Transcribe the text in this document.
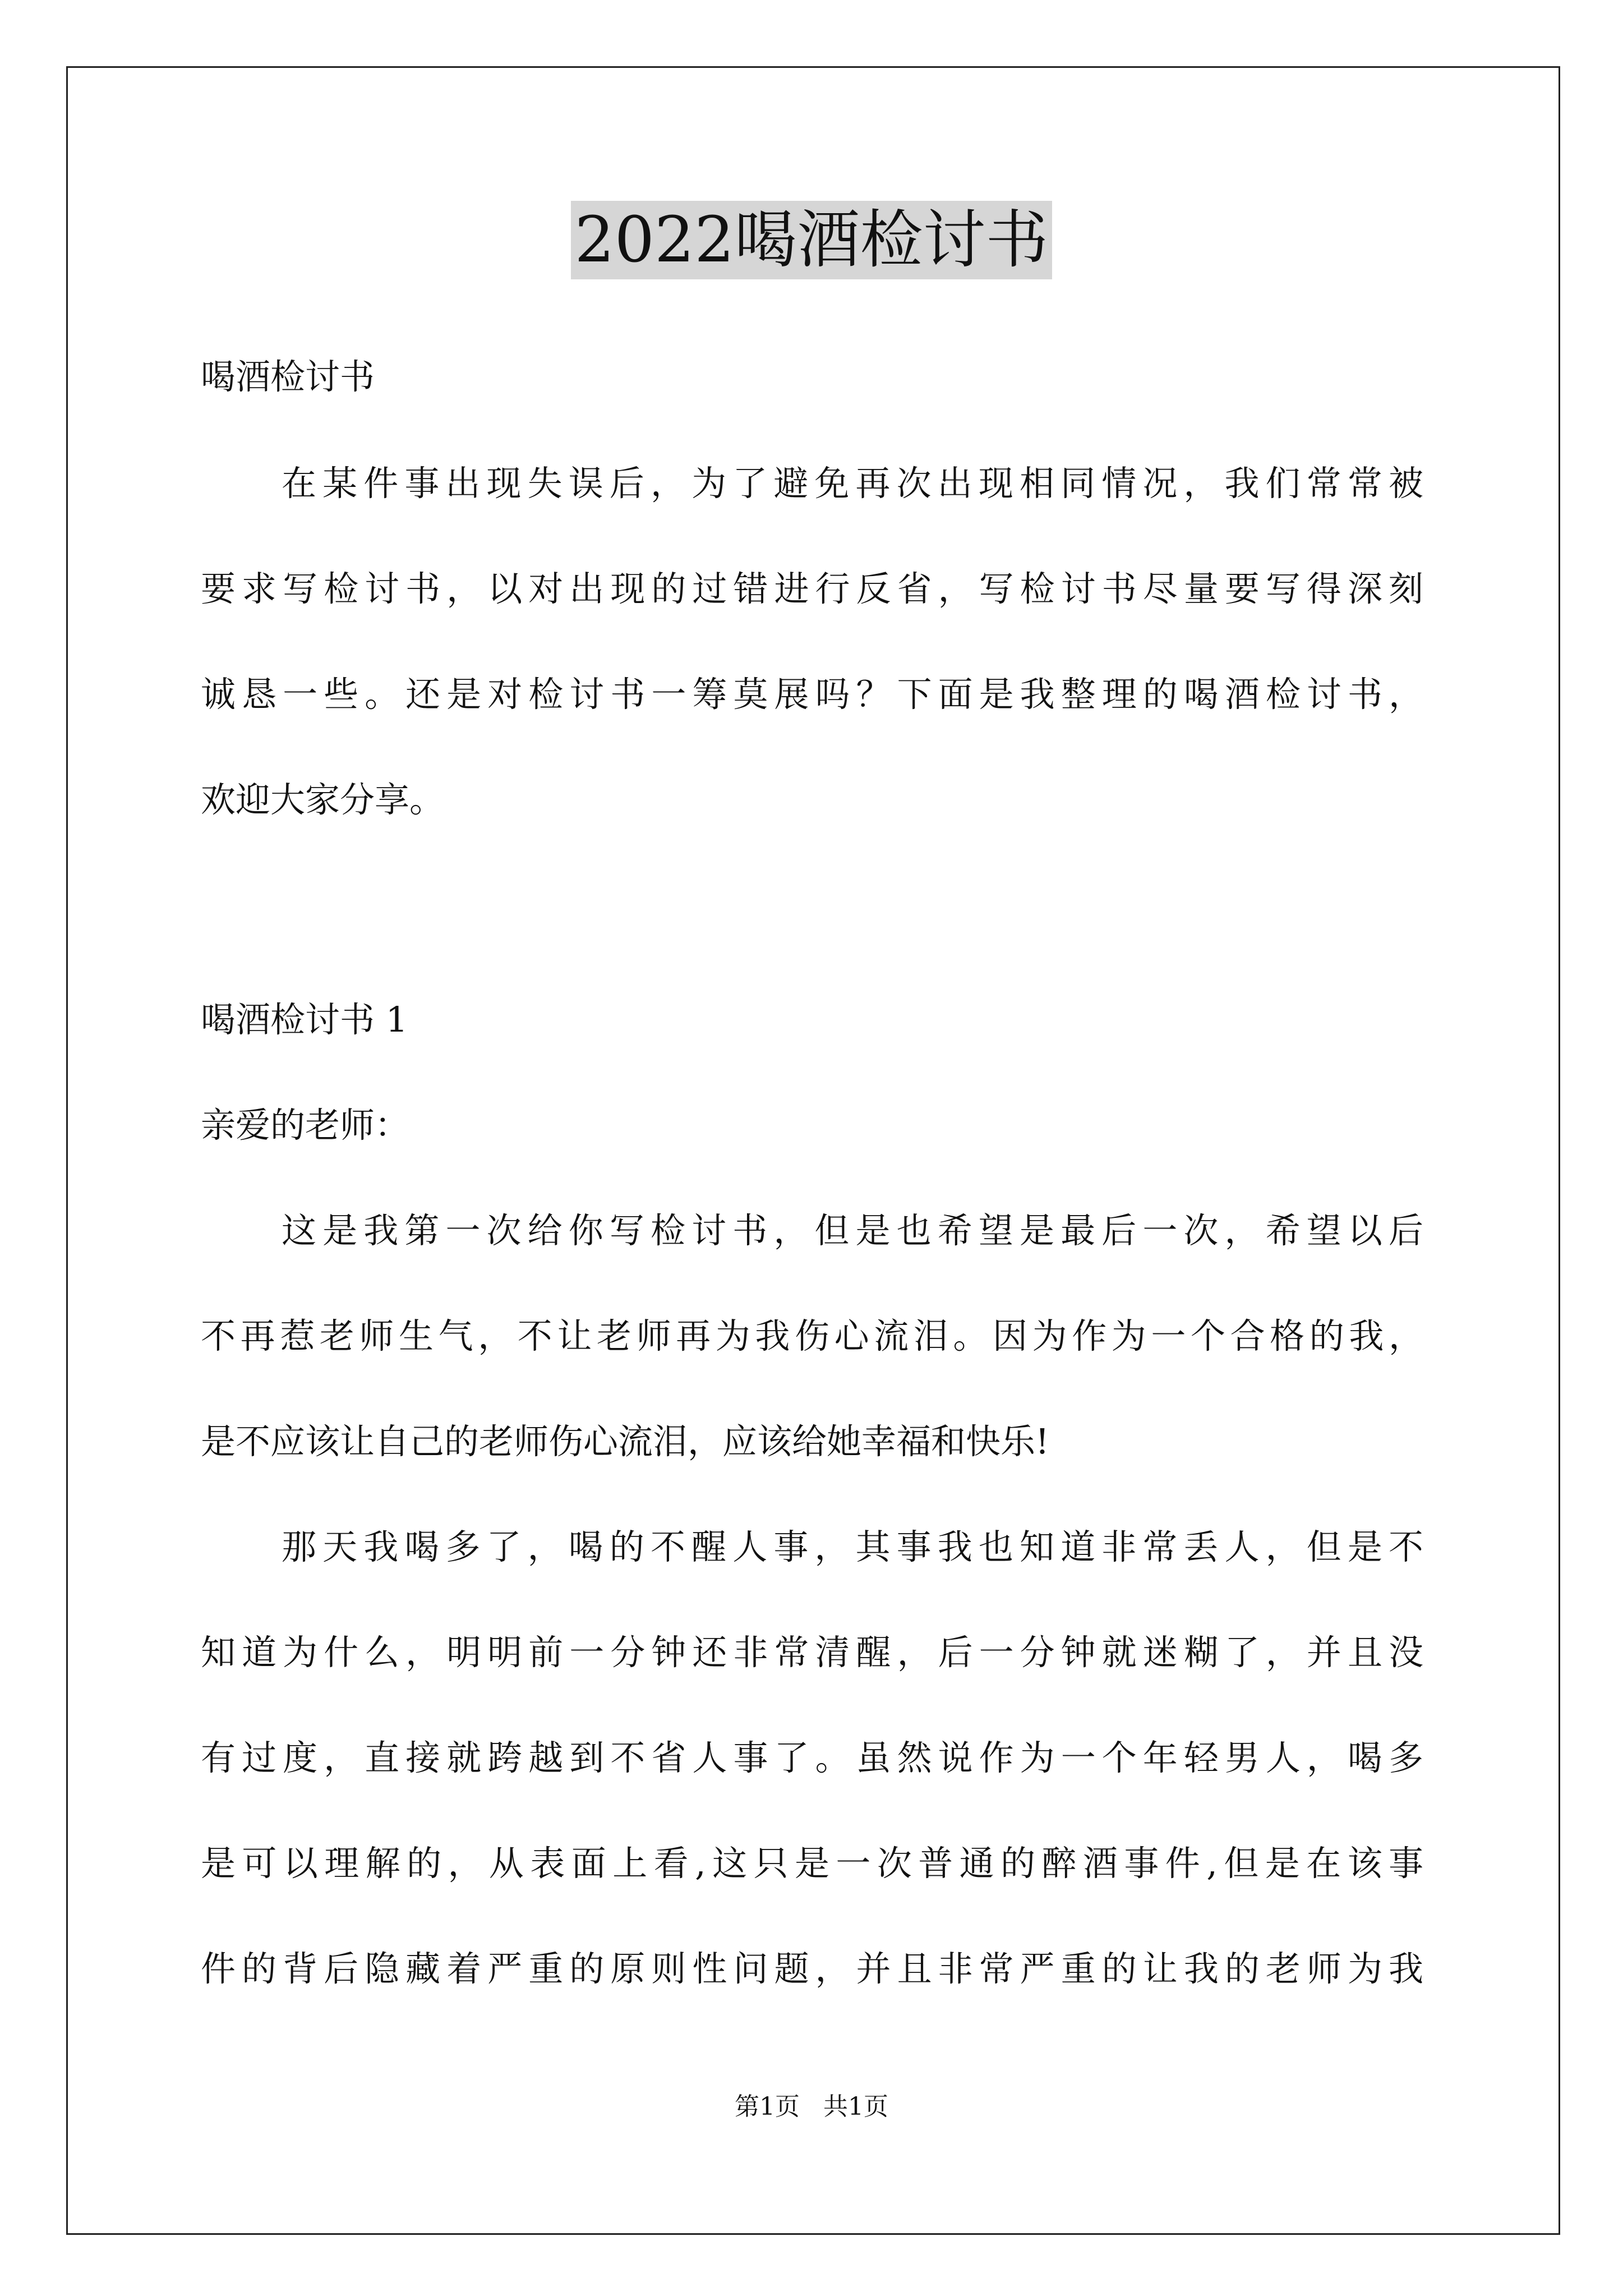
2022喝酒检讨书
喝酒检讨书
在某件事出现失误后，为了避免再次出现相同情况，我们常常被
要求写检讨书，以对出现的过错进行反省，写检讨书尽量要写得深刻
诚恳一些。还是对检讨书一筹莫展吗？下面是我整理的喝酒检讨书，
欢迎大家分享。
喝酒检讨书 1
亲爱的老师：
这是我第一次给你写检讨书，但是也希望是最后一次，希望以后
不再惹老师生气，不让老师再为我伤心流泪。因为作为一个合格的我，
是不应该让自己的老师伤心流泪，应该给她幸福和快乐!
那天我喝多了，喝的不醒人事，其事我也知道非常丢人，但是不
知道为什么，明明前一分钟还非常清醒，后一分钟就迷糊了，并且没
有过度，直接就跨越到不省人事了。虽然说作为一个年轻男人，喝多
是可以理解的，从表面上看,这只是一次普通的醉酒事件,但是在该事
件的背后隐藏着严重的原则性问题，并且非常严重的让我的老师为我
第1页   共1页
